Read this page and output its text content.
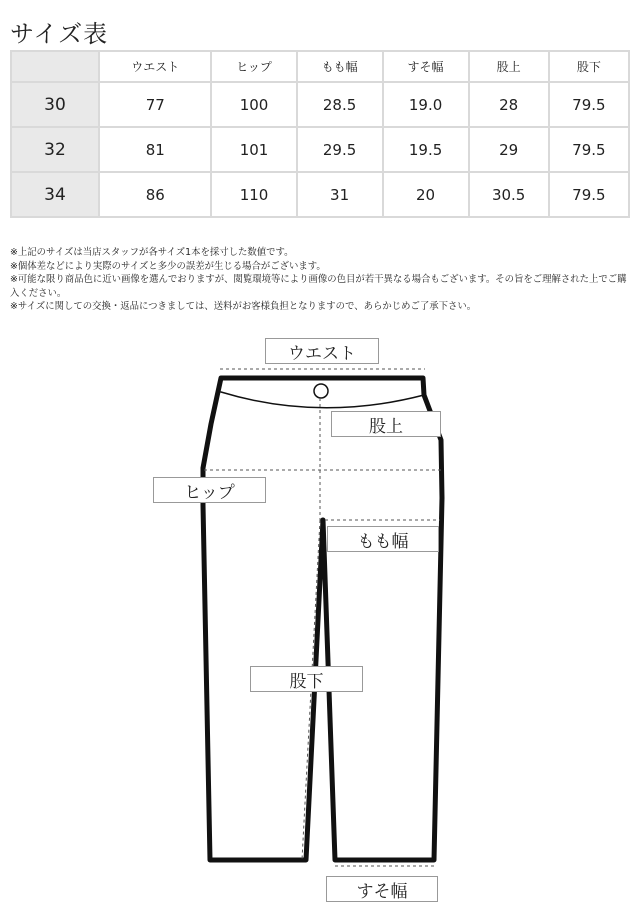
サイズ表
	ウエスト	ヒップ	もも幅	すそ幅	股上	股下
30	77	100	28.5	19.0	28	79.5
32	81	101	29.5	19.5	29	79.5
34	86	110	31	20	30.5	79.5

※上記のサイズは当店スタッフが各サイズ1本を採寸した数値です。

※個体差などにより実際のサイズと多少の誤差が生じる場合がございます。

※可能な限り商品色に近い画像を選んでおりますが、閲覧環境等により画像の色目が若干異なる場合もございます。その旨をご理解された上でご購入ください。

※サイズに関しての交換・返品につきましては、送料がお客様負担となりますので、あらかじめご了承下さい。

ウエスト
股上
ヒップ
もも幅
股下
すそ幅
